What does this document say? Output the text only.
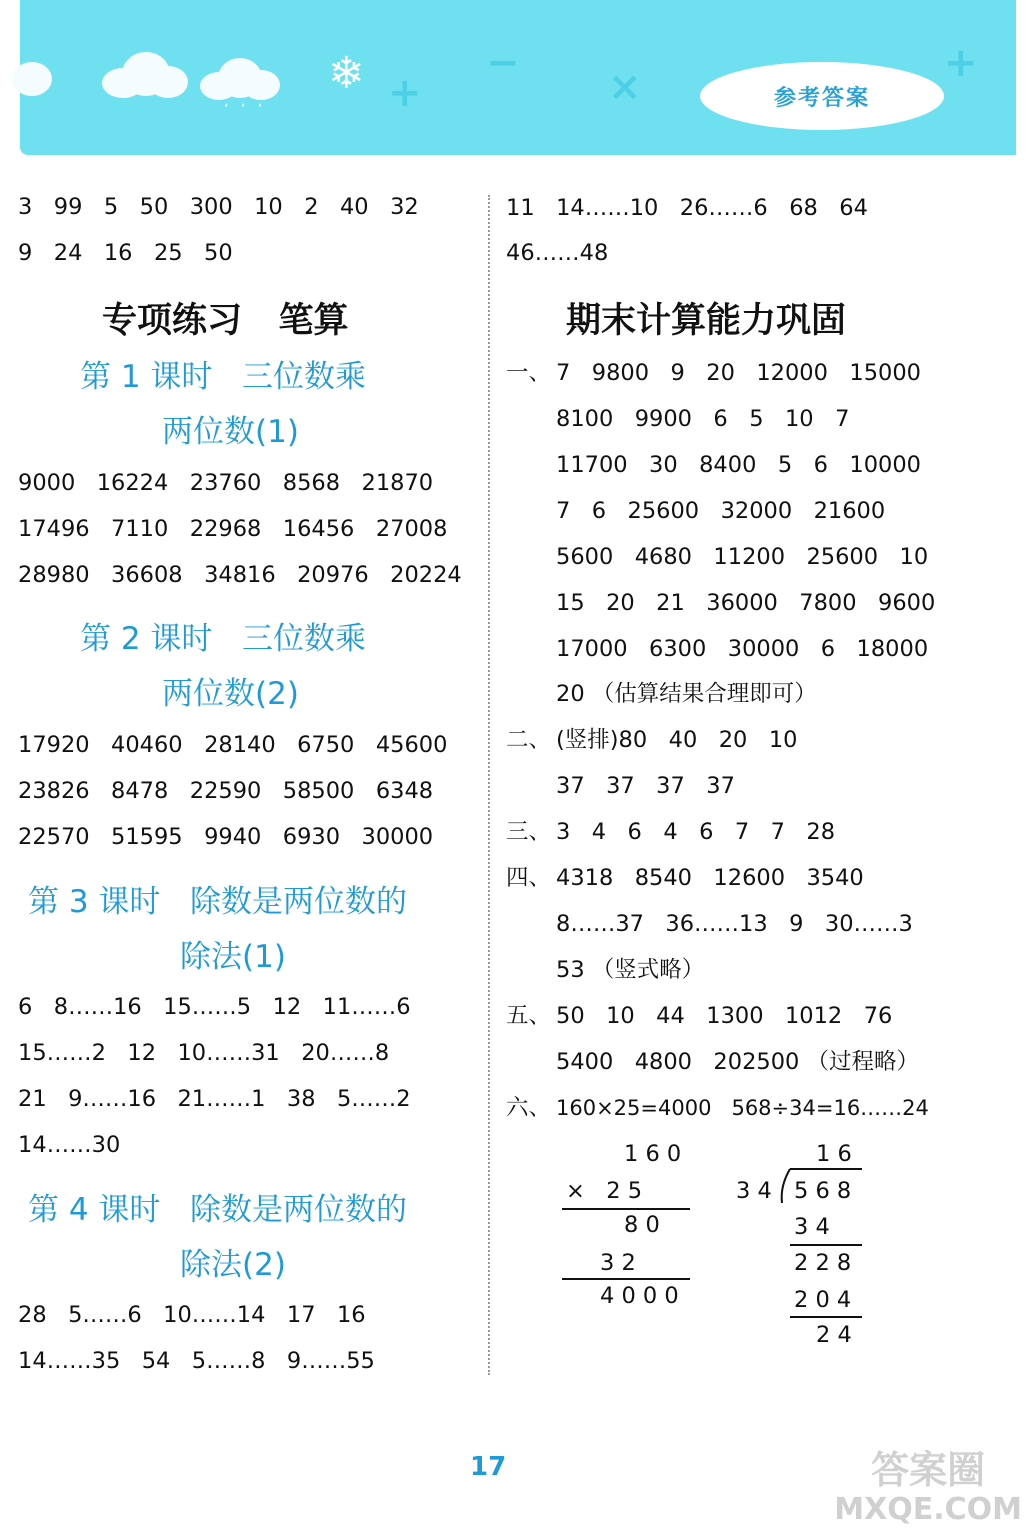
ʼ ʼ ʼ
❄ +
−
×
+
参考答案
3   99   5   50   300   10   2   40   32
9   24   16   25   50
专项练习   笔算
第 1 课时   三位数乘
两位数(1)
9000   16224   23760   8568   21870
17496   7110   22968   16456   27008
28980   36608   34816   20976   20224
第 2 课时   三位数乘
两位数(2)
17920   40460   28140   6750   45600
23826   8478   22590   58500   6348
22570   51595   9940   6930   30000
第 3 课时   除数是两位数的
除法(1)
6   8……16   15……5   12   11……6
15……2   12   10……31   20……8
21   9……16   21……1   38   5……2
14……30
第 4 课时   除数是两位数的
除法(2)
28   5……6   10……14   17   16
14……35   54   5……8   9……55
11   14……10   26……6   68   64
46……48
期末计算能力巩固
一、 7   9800   9   20   12000   15000
8100   9900   6   5   10   7
11700   30   8400   5   6   10000
7   6   25600   32000   21600
5600   4680   11200   25600   10
15   20   21   36000   7800   9600
17000   6300   30000   6   18000
20 （估算结果合理即可）
二、 (竖排)80   40   20   10
37   37   37   37
三、 3   4   6   4   6   7   7   28
四、 4318   8540   12600   3540
8……37   36……13   9   30……3
53 （竖式略）
五、 50   10   44   1300   1012   76
5400   4800   202500 （过程略）
六、 160×25=4000   568÷34=16……24
1 6 0
×   2 5
8 0
3 2
4 0 0 0
1 6
3 4 5 6 8
3 4
2 2 8
2 0 4
2 4
17	答案圈
MXQE.COM
